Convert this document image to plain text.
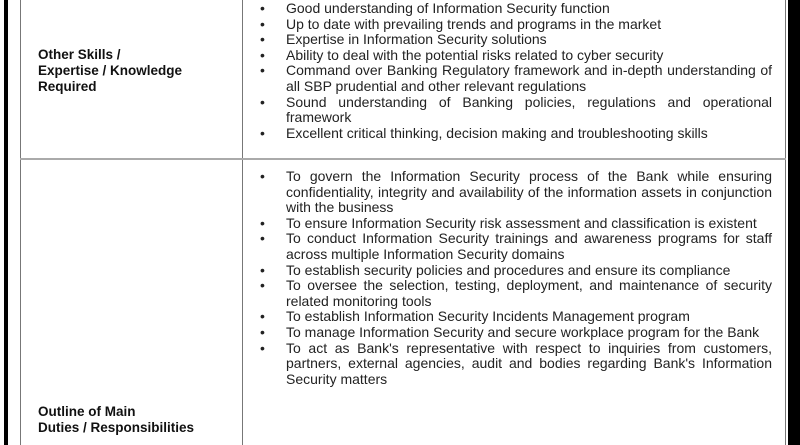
Other Skills /
Expertise / Knowledge
Required
• Good understanding of Information Security function
• Up to date with prevailing trends and programs in the market
• Expertise in Information Security solutions
• Ability to deal with the potential risks related to cyber security
• Command over Banking Regulatory framework and in-depth understanding of all SBP prudential and other relevant regulations
• Sound understanding of Banking policies, regulations and operational framework
• Excellent critical thinking, decision making and troubleshooting skills
Outline of Main
Duties / Responsibilities
• To govern the Information Security process of the Bank while ensuring confidentiality, integrity and availability of the information assets in conjunction with the business
• To ensure Information Security risk assessment and classification is existent
• To conduct Information Security trainings and awareness programs for staff across multiple Information Security domains
• To establish security policies and procedures and ensure its compliance
• To oversee the selection, testing, deployment, and maintenance of security related monitoring tools
• To establish Information Security Incidents Management program
• To manage Information Security and secure workplace program for the Bank
• To act as Bank's representative with respect to inquiries from customers, partners, external agencies, audit and bodies regarding Bank's Information Security matters
